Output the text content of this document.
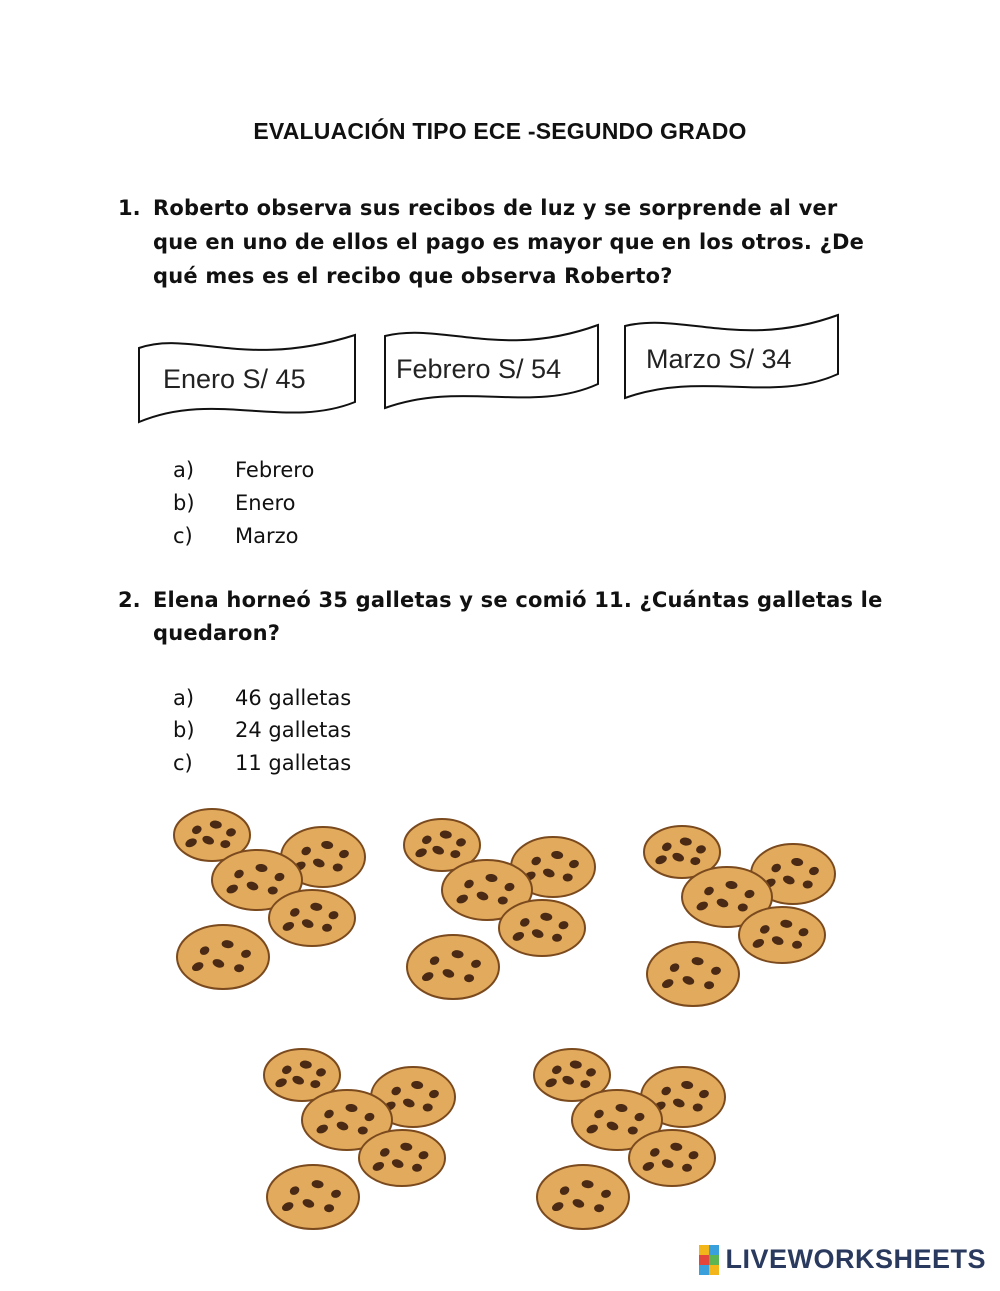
EVALUACIÓN TIPO ECE -SEGUNDO GRADO
1. Roberto observa sus recibos de luz y se sorprende al ver
que en uno de ellos el pago es mayor que en los otros. ¿De
qué mes es el recibo que observa Roberto?
Enero S/ 45	Febrero S/ 54	Marzo S/ 34
a) Febrero
b) Enero
c) Marzo
2. Elena horneó 35 galletas y se comió 11. ¿Cuántas galletas le
quedaron?
a) 46 galletas
b) 24 galletas
c) 11 galletas
LIVEWORKSHEETS
